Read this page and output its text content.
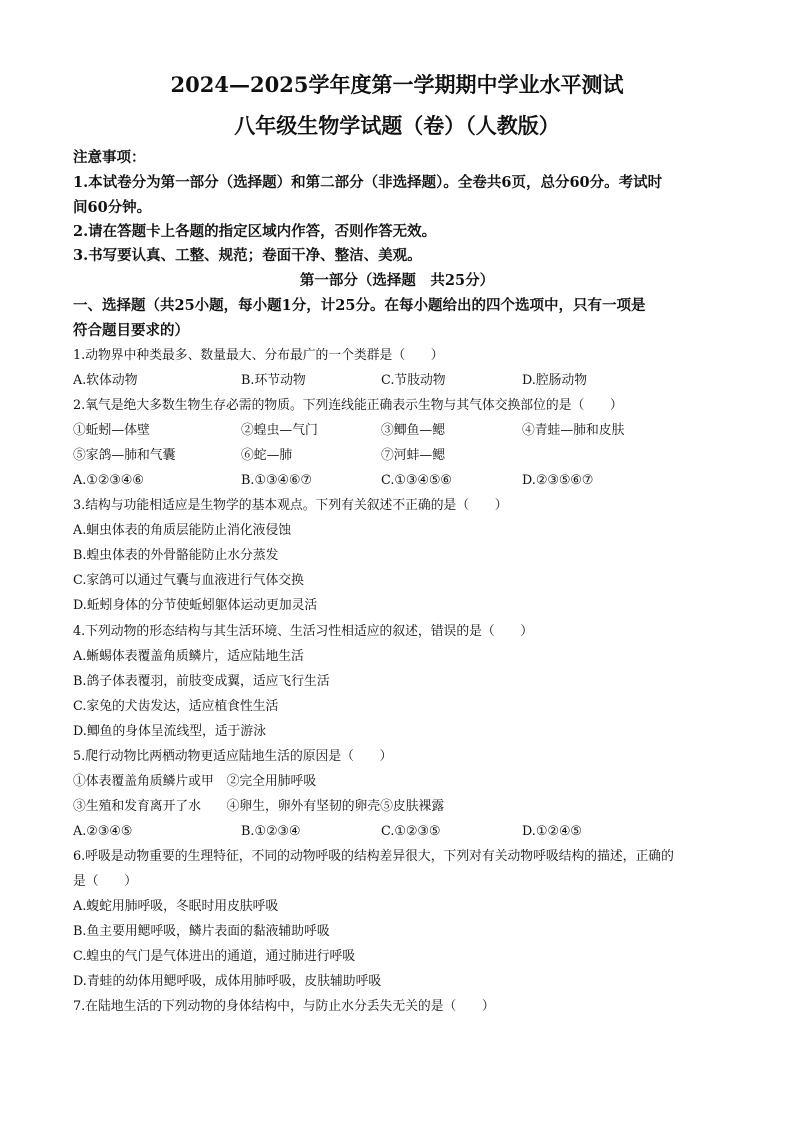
2024—2025学年度第一学期期中学业水平测试
八年级生物学试题（卷）（人教版）
注意事项：
1.本试卷分为第一部分（选择题）和第二部分（非选择题）。全卷共6页，总分60分。考试时
间60分钟。
2.请在答题卡上各题的指定区域内作答，否则作答无效。
3.书写要认真、工整、规范；卷面干净、整洁、美观。
第一部分（选择题　共25分）
一、选择题（共25小题，每小题1分，计25分。在每小题给出的四个选项中，只有一项是
符合题目要求的）
1.动物界中种类最多、数量最大、分布最广的一个类群是（　　）
A.软体动物	B.环节动物	C.节肢动物	D.腔肠动物
2.氧气是绝大多数生物生存必需的物质。下列连线能正确表示生物与其气体交换部位的是（　　）
①蚯蚓—体壁	②蝗虫—气门	③鲫鱼—鳃	④青蛙—肺和皮肤
⑤家鸽—肺和气囊	⑥蛇—肺	⑦河蚌—鳃
A.①②③④⑥	B.①③④⑥⑦	C.①③④⑤⑥	D.②③⑤⑥⑦
3.结构与功能相适应是生物学的基本观点。下列有关叙述不正确的是（　　）
A.蛔虫体表的角质层能防止消化液侵蚀
B.蝗虫体表的外骨骼能防止水分蒸发
C.家鸽可以通过气囊与血液进行气体交换
D.蚯蚓身体的分节使蚯蚓躯体运动更加灵活
4.下列动物的形态结构与其生活环境、生活习性相适应的叙述，错误的是（　　）
A.蜥蜴体表覆盖角质鳞片，适应陆地生活
B.鸽子体表覆羽，前肢变成翼，适应飞行生活
C.家兔的犬齿发达，适应植食性生活
D.鲫鱼的身体呈流线型，适于游泳
5.爬行动物比两栖动物更适应陆地生活的原因是（　　）
①体表覆盖角质鳞片或甲　②完全用肺呼吸
③生殖和发育离开了水　　④卵生，卵外有坚韧的卵壳⑤皮肤裸露
A.②③④⑤	B.①②③④	C.①②③⑤	D.①②④⑤
6.呼吸是动物重要的生理特征，不同的动物呼吸的结构差异很大，下列对有关动物呼吸结构的描述，正确的
是（　　）
A.蝮蛇用肺呼吸，冬眠时用皮肤呼吸
B.鱼主要用鳃呼吸，鳞片表面的黏液辅助呼吸
C.蝗虫的气门是气体进出的通道，通过肺进行呼吸
D.青蛙的幼体用鳃呼吸，成体用肺呼吸，皮肤辅助呼吸
7.在陆地生活的下列动物的身体结构中，与防止水分丢失无关的是（　　）
